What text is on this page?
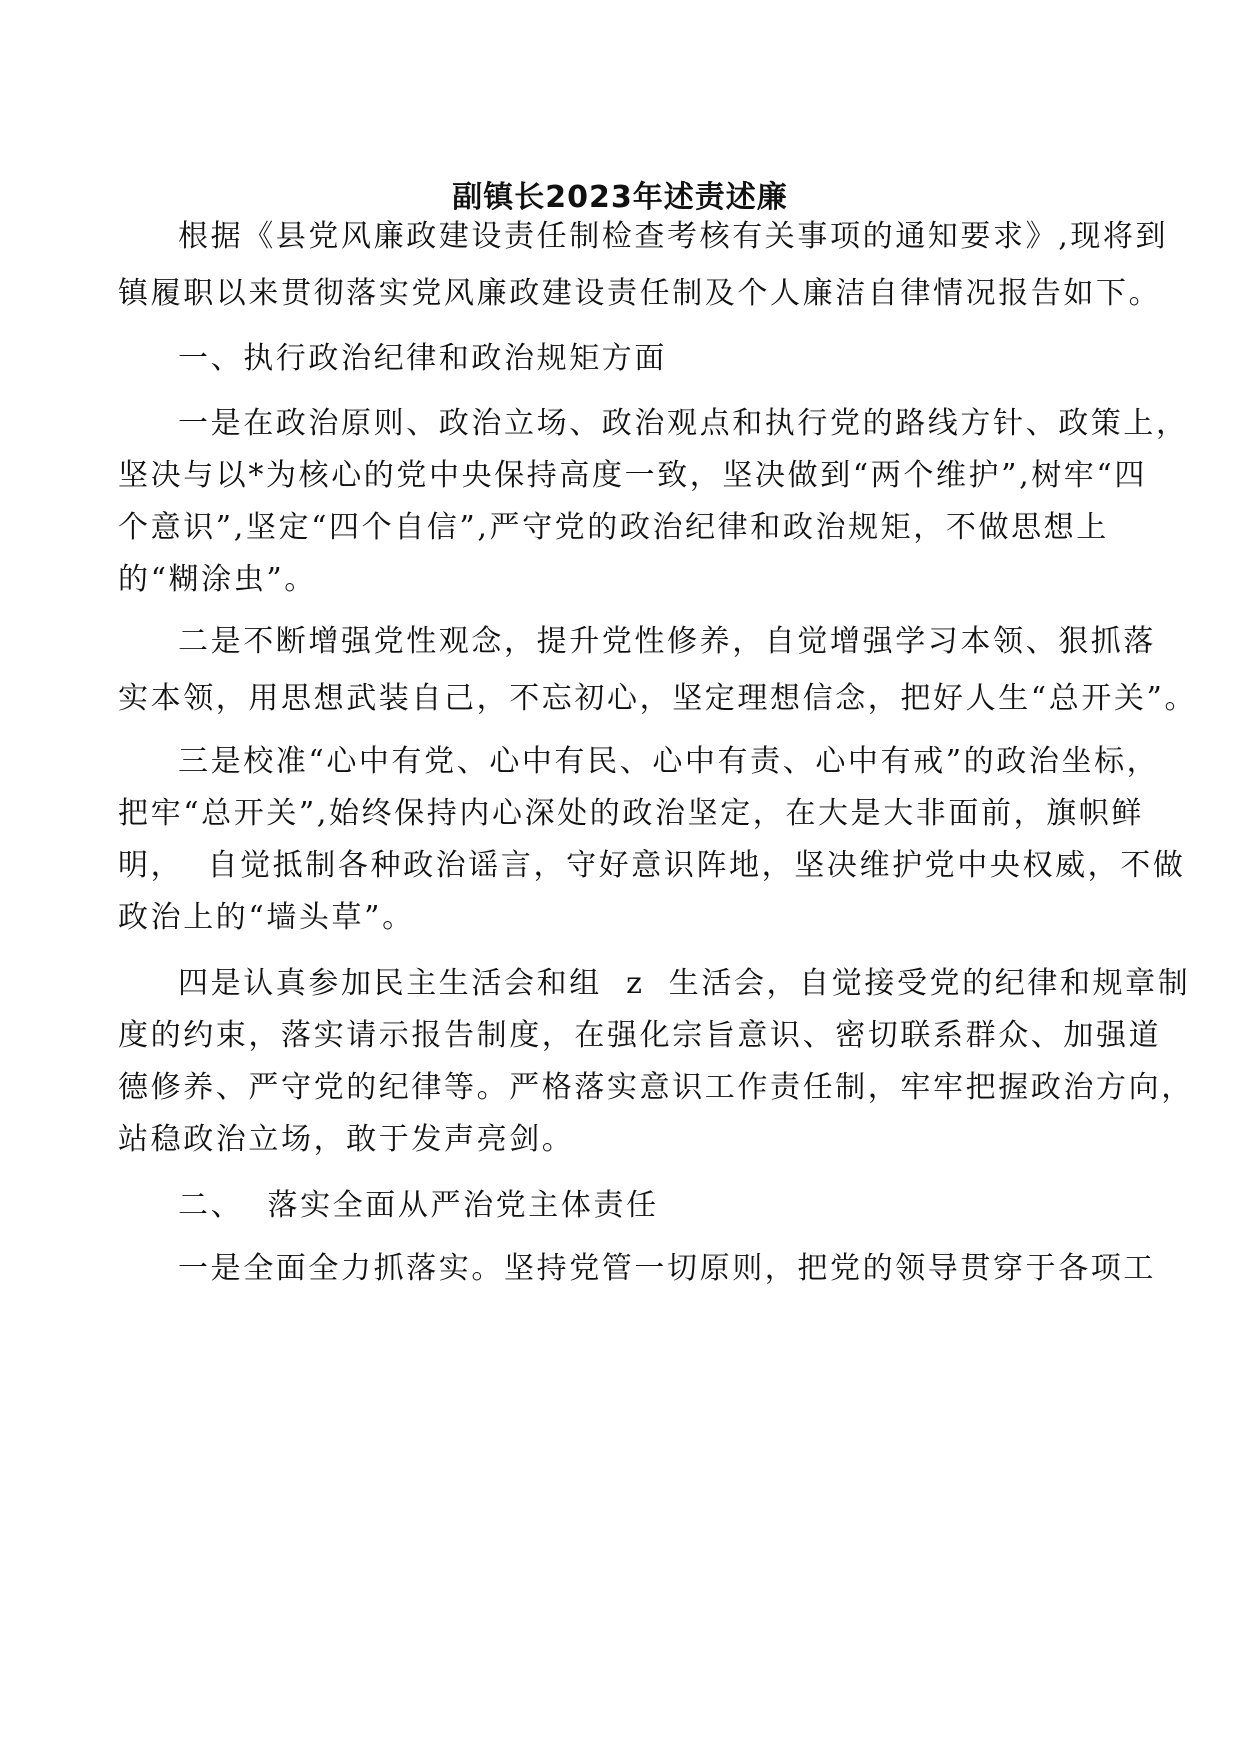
副镇长2023年述责述廉
根据《县党风廉政建设责任制检查考核有关事项的通知要求》,现将到
镇履职以来贯彻落实党风廉政建设责任制及个人廉洁自律情况报告如下。
一、执行政治纪律和政治规矩方面
一是在政治原则、政治立场、政治观点和执行党的路线方针、政策上，
坚决与以*为核心的党中央保持高度一致，坚决做到“两个维护”,树牢“四
个意识”,坚定“四个自信”,严守党的政治纪律和政治规矩，不做思想上
的“糊涂虫”。
二是不断增强党性观念，提升党性修养，自觉增强学习本领、狠抓落
实本领，用思想武装自己，不忘初心，坚定理想信念，把好人生“总开关”。
三是校准“心中有党、心中有民、心中有责、心中有戒”的政治坐标，
把牢“总开关”,始终保持内心深处的政治坚定，在大是大非面前，旗帜鲜
明，  自觉抵制各种政治谣言，守好意识阵地，坚决维护党中央权威，不做
政治上的“墙头草”。
四是认真参加民主生活会和组  z  生活会，自觉接受党的纪律和规章制
度的约束，落实请示报告制度，在强化宗旨意识、密切联系群众、加强道
德修养、严守党的纪律等。严格落实意识工作责任制，牢牢把握政治方向，
站稳政治立场，敢于发声亮剑。
二、  落实全面从严治党主体责任
一是全面全力抓落实。坚持党管一切原则，把党的领导贯穿于各项工
